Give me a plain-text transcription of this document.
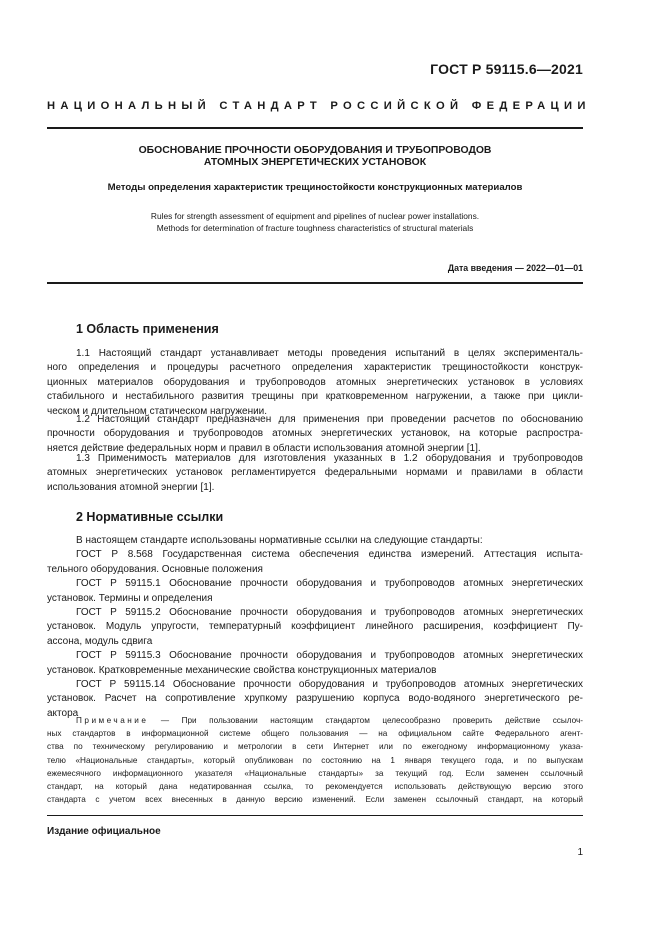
ГОСТ Р 59115.6—2021
НАЦИОНАЛЬНЫЙ СТАНДАРТ РОССИЙСКОЙ ФЕДЕРАЦИИ
ОБОСНОВАНИЕ ПРОЧНОСТИ ОБОРУДОВАНИЯ И ТРУБОПРОВОДОВ
АТОМНЫХ ЭНЕРГЕТИЧЕСКИХ УСТАНОВОК
Методы определения характеристик трещиностойкости конструкционных материалов
Rules for strength assessment of equipment and pipelines of nuclear power installations.
Methods for determination of fracture toughness characteristics of structural materials
Дата введения — 2022—01—01
1 Область применения
1.1 Настоящий стандарт устанавливает методы проведения испытаний в целях эксперименталь-
ного определения и процедуры расчетного определения характеристик трещиностойкости конструк-
ционных материалов оборудования и трубопроводов атомных энергетических установок в условиях
стабильного и нестабильного развития трещины при кратковременном нагружении, а также при цикли-
ческом и длительном статическом нагружении.
1.2 Настоящий стандарт предназначен для применения при проведении расчетов по обоснованию
прочности оборудования и трубопроводов атомных энергетических установок, на которые распростра-
няется действие федеральных норм и правил в области использования атомной энергии [1].
1.3 Применимость материалов для изготовления указанных в 1.2 оборудования и трубопроводов
атомных энергетических установок регламентируется федеральными нормами и правилами в области
использования атомной энергии [1].
2 Нормативные ссылки
В настоящем стандарте использованы нормативные ссылки на следующие стандарты:
ГОСТ Р 8.568 Государственная система обеспечения единства измерений. Аттестация испыта-
тельного оборудования. Основные положения
ГОСТ Р 59115.1 Обоснование прочности оборудования и трубопроводов атомных энергетических
установок. Термины и определения
ГОСТ Р 59115.2 Обоснование прочности оборудования и трубопроводов атомных энергетических
установок. Модуль упругости, температурный коэффициент линейного расширения, коэффициент Пу-
ассона, модуль сдвига
ГОСТ Р 59115.3 Обоснование прочности оборудования и трубопроводов атомных энергетических
установок. Кратковременные механические свойства конструкционных материалов
ГОСТ Р 59115.14 Обоснование прочности оборудования и трубопроводов атомных энергетических
установок. Расчет на сопротивление хрупкому разрушению корпуса водо-водяного энергетического ре-
актора
Примечание — При пользовании настоящим стандартом целесообразно проверить действие ссылоч-
ных стандартов в информационной системе общего пользования — на официальном сайте Федерального агент-
ства по техническому регулированию и метрологии в сети Интернет или по ежегодному информационному указа-
телю «Национальные стандарты», который опубликован по состоянию на 1 января текущего года, и по выпускам
ежемесячного информационного указателя «Национальные стандарты» за текущий год. Если заменен ссылочный
стандарт, на который дана недатированная ссылка, то рекомендуется использовать действующую версию этого
стандарта с учетом всех внесенных в данную версию изменений. Если заменен ссылочный стандарт, на который
Издание официальное
1
